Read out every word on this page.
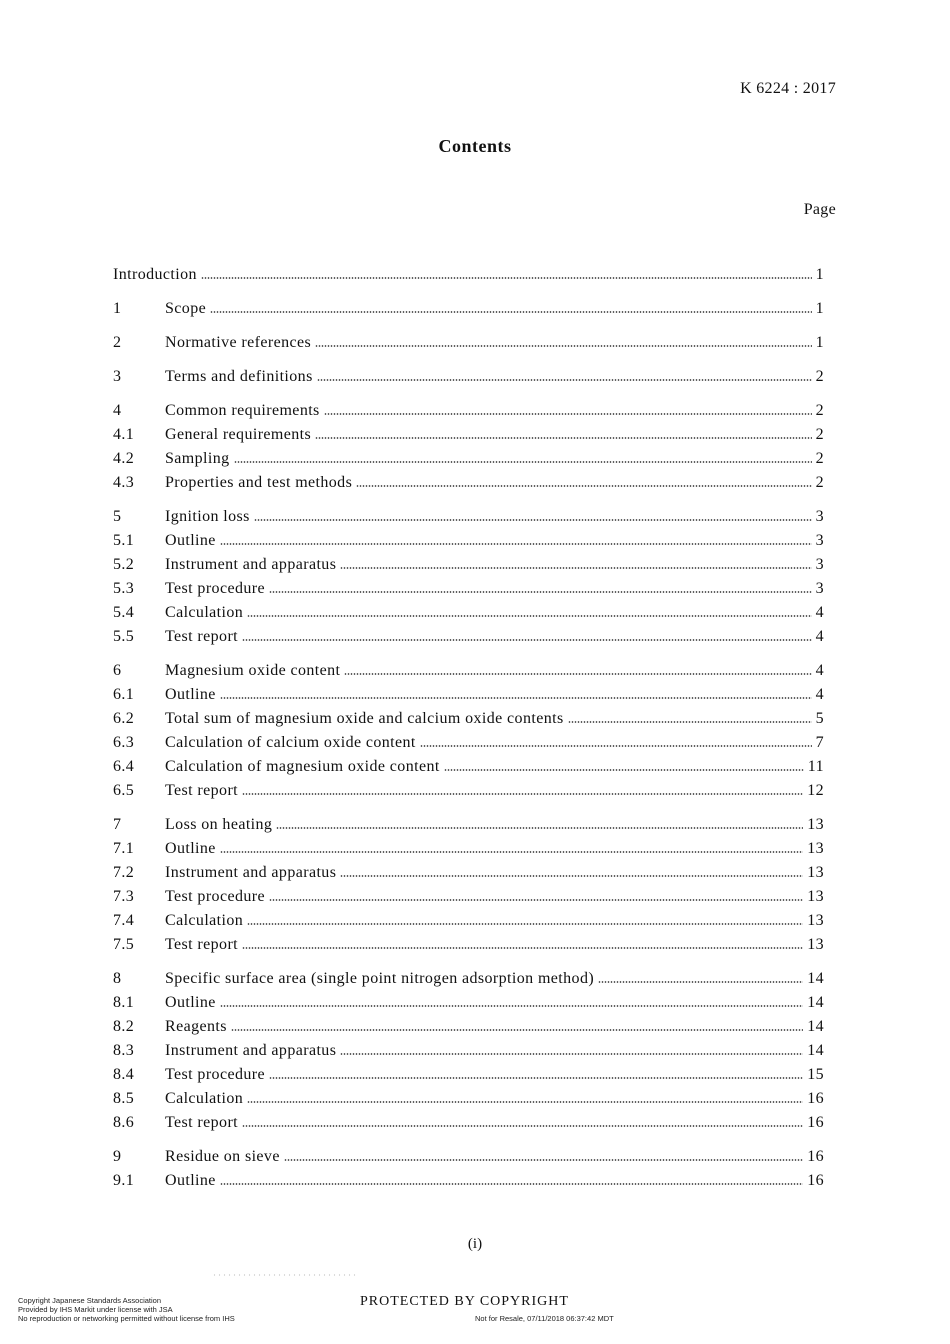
K 6224 : 2017
Contents
Page
Introduction	1
1	Scope	1
2	Normative references	1
3	Terms and definitions	2
4	Common requirements	2
4.1	General requirements	2
4.2	Sampling	2
4.3	Properties and test methods	2
5	Ignition loss	3
5.1	Outline	3
5.2	Instrument and apparatus	3
5.3	Test procedure	3
5.4	Calculation	4
5.5	Test report	4
6	Magnesium oxide content	4
6.1	Outline	4
6.2	Total sum of magnesium oxide and calcium oxide contents	5
6.3	Calculation of calcium oxide content	7
6.4	Calculation of magnesium oxide content	11
6.5	Test report	12
7	Loss on heating	13
7.1	Outline	13
7.2	Instrument and apparatus	13
7.3	Test procedure	13
7.4	Calculation	13
7.5	Test report	13
8	Specific surface area (single point nitrogen adsorption method)	14
8.1	Outline	14
8.2	Reagents	14
8.3	Instrument and apparatus	14
8.4	Test procedure	15
8.5	Calculation	16
8.6	Test report	16
9	Residue on sieve	16
9.1	Outline	16
(i)
Copyright Japanese Standards Association
Provided by IHS Markit under license with JSA
No reproduction or networking permitted without license from IHS
PROTECTED BY COPYRIGHT
Not for Resale, 07/11/2018 06:37:42 MDT
